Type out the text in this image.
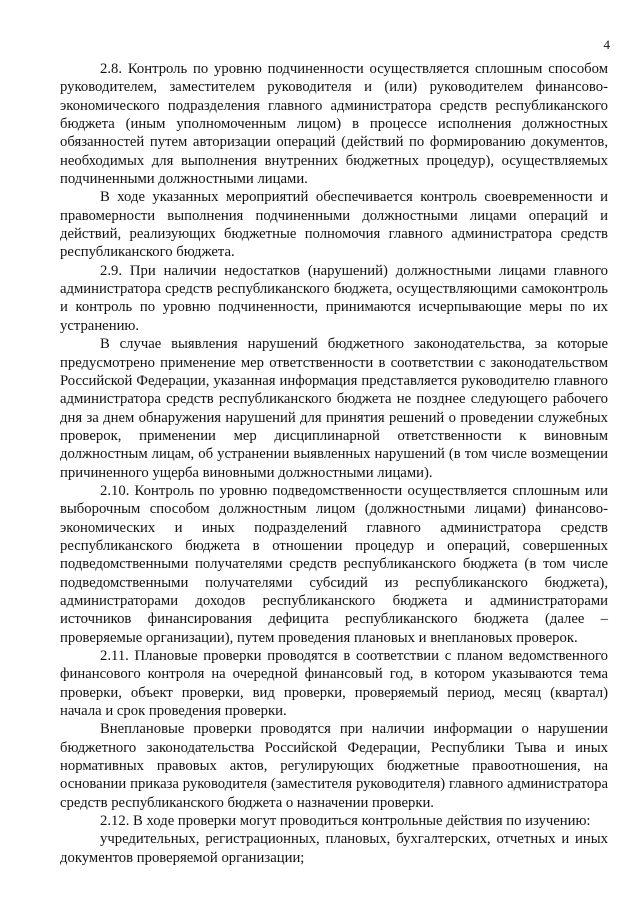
4

2.8. Контроль по уровню подчиненности осуществляется сплошным способом руководителем, заместителем руководителя и (или) руководителем финансово-экономического подразделения главного администратора средств республиканского бюджета (иным уполномоченным лицом) в процессе исполнения должностных обязанностей путем авторизации операций (действий по формированию документов, необходимых для выполнения внутренних бюджетных процедур), осуществляемых подчиненными должностными лицами.

В ходе указанных мероприятий обеспечивается контроль своевременности и правомерности выполнения подчиненными должностными лицами операций и действий, реализующих бюджетные полномочия главного администратора средств республиканского бюджета.

2.9. При наличии недостатков (нарушений) должностными лицами главного администратора средств республиканского бюджета, осуществляющими самоконтроль и контроль по уровню подчиненности, принимаются исчерпывающие меры по их устранению.

В случае выявления нарушений бюджетного законодательства, за которые предусмотрено применение мер ответственности в соответствии с законодательством Российской Федерации, указанная информация представляется руководителю главного администратора средств республиканского бюджета не позднее следующего рабочего дня за днем обнаружения нарушений для принятия решений о проведении служебных проверок, применении мер дисциплинарной ответственности к виновным должностным лицам, об устранении выявленных нарушений (в том числе возмещении причиненного ущерба виновными должностными лицами).

2.10. Контроль по уровню подведомственности осуществляется сплошным или выборочным способом должностным лицом (должностными лицами) финансово-экономических и иных подразделений главного администратора средств республиканского бюджета в отношении процедур и операций, совершенных подведомственными получателями средств республиканского бюджета (в том числе подведомственными получателями субсидий из республиканского бюджета), администраторами доходов республиканского бюджета и администраторами источников финансирования дефицита республиканского бюджета (далее – проверяемые организации), путем проведения плановых и внеплановых проверок.

2.11. Плановые проверки проводятся в соответствии с планом ведомственного финансового контроля на очередной финансовый год, в котором указываются тема проверки, объект проверки, вид проверки, проверяемый период, месяц (квартал) начала и срок проведения проверки.

Внеплановые проверки проводятся при наличии информации о нарушении бюджетного законодательства Российской Федерации, Республики Тыва и иных нормативных правовых актов, регулирующих бюджетные правоотношения, на основании приказа руководителя (заместителя руководителя) главного администратора средств республиканского бюджета о назначении проверки.

2.12. В ходе проверки могут проводиться контрольные действия по изучению:

учредительных, регистрационных, плановых, бухгалтерских, отчетных и иных документов проверяемой организации;
